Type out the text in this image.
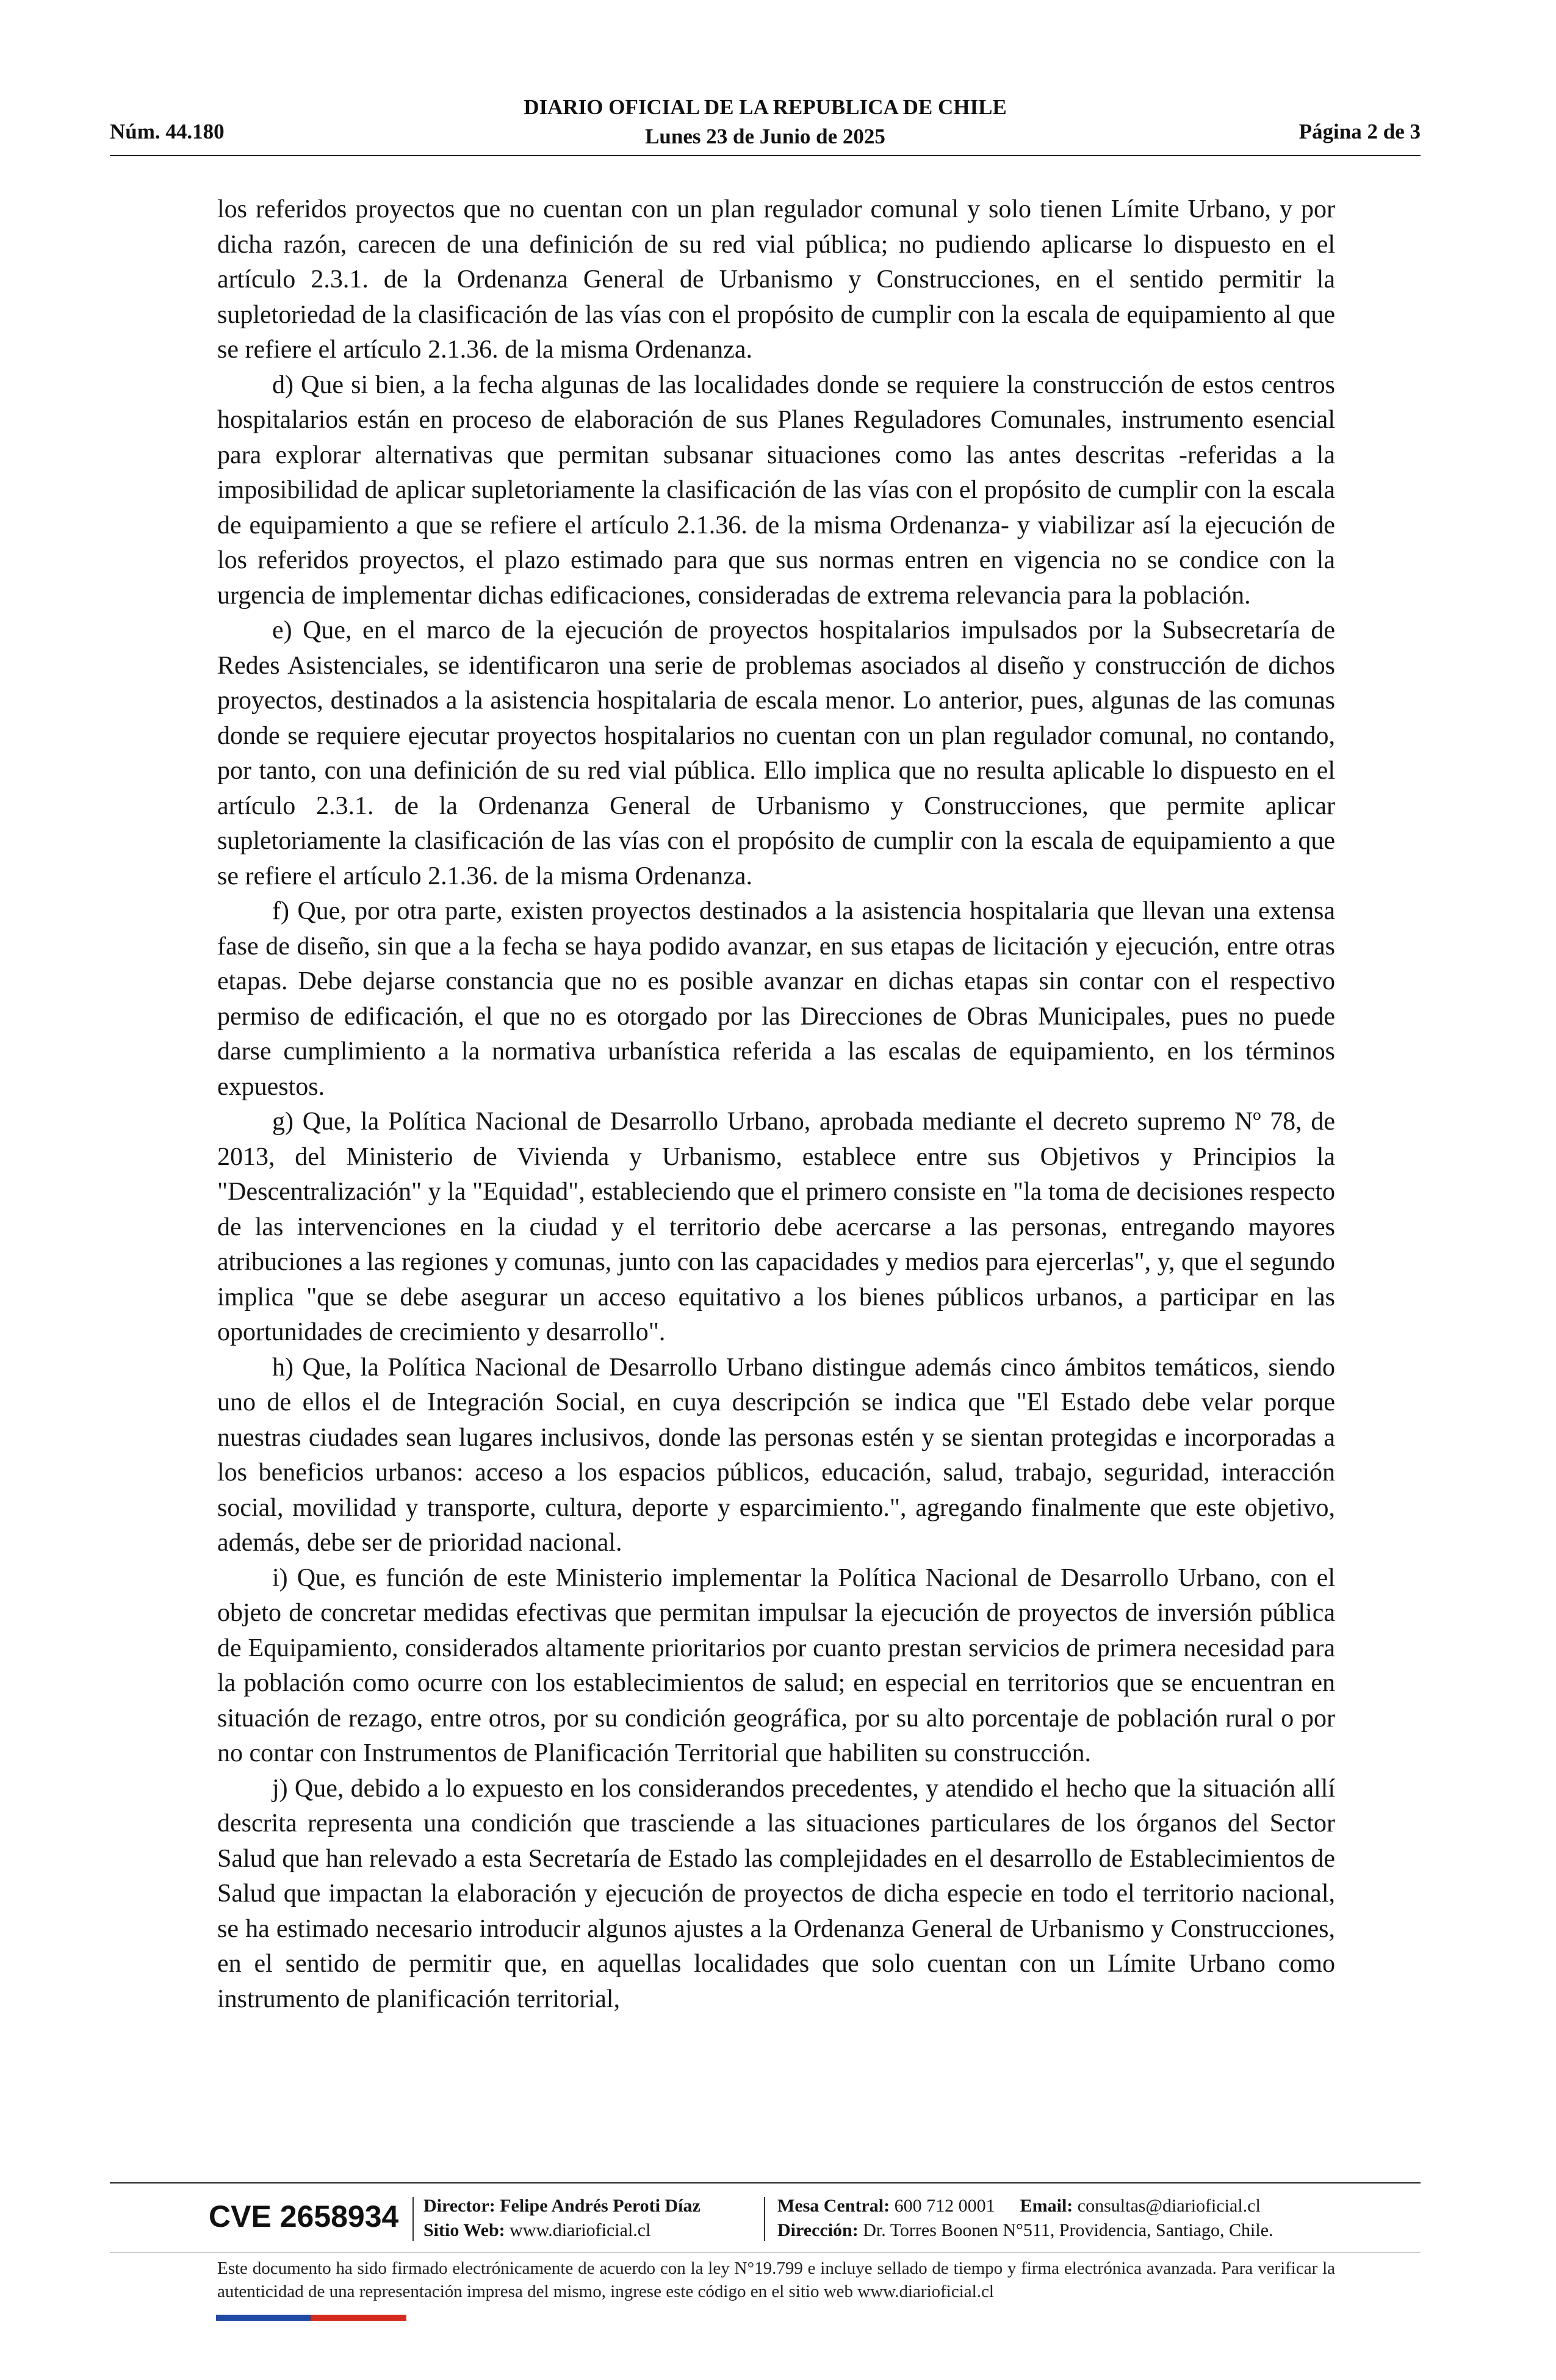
Núm. 44.180
DIARIO OFICIAL DE LA REPUBLICA DE CHILE
Lunes 23 de Junio de 2025	Página 2 de 3

los referidos proyectos que no cuentan con un plan regulador comunal y solo tienen Límite Urbano, y por dicha razón, carecen de una definición de su red vial pública; no pudiendo aplicarse lo dispuesto en el artículo 2.3.1. de la Ordenanza General de Urbanismo y Construcciones, en el sentido permitir la supletoriedad de la clasificación de las vías con el propósito de cumplir con la escala de equipamiento al que se refiere el artículo 2.1.36. de la misma Ordenanza.

d) Que si bien, a la fecha algunas de las localidades donde se requiere la construcción de estos centros hospitalarios están en proceso de elaboración de sus Planes Reguladores Comunales, instrumento esencial para explorar alternativas que permitan subsanar situaciones como las antes descritas -referidas a la imposibilidad de aplicar supletoriamente la clasificación de las vías con el propósito de cumplir con la escala de equipamiento a que se refiere el artículo 2.1.36. de la misma Ordenanza- y viabilizar así la ejecución de los referidos proyectos, el plazo estimado para que sus normas entren en vigencia no se condice con la urgencia de implementar dichas edificaciones, consideradas de extrema relevancia para la población.

e) Que, en el marco de la ejecución de proyectos hospitalarios impulsados por la Subsecretaría de Redes Asistenciales, se identificaron una serie de problemas asociados al diseño y construcción de dichos proyectos, destinados a la asistencia hospitalaria de escala menor. Lo anterior, pues, algunas de las comunas donde se requiere ejecutar proyectos hospitalarios no cuentan con un plan regulador comunal, no contando, por tanto, con una definición de su red vial pública. Ello implica que no resulta aplicable lo dispuesto en el artículo 2.3.1. de la Ordenanza General de Urbanismo y Construcciones, que permite aplicar supletoriamente la clasificación de las vías con el propósito de cumplir con la escala de equipamiento a que se refiere el artículo 2.1.36. de la misma Ordenanza.

f) Que, por otra parte, existen proyectos destinados a la asistencia hospitalaria que llevan una extensa fase de diseño, sin que a la fecha se haya podido avanzar, en sus etapas de licitación y ejecución, entre otras etapas. Debe dejarse constancia que no es posible avanzar en dichas etapas sin contar con el respectivo permiso de edificación, el que no es otorgado por las Direcciones de Obras Municipales, pues no puede darse cumplimiento a la normativa urbanística referida a las escalas de equipamiento, en los términos expuestos.

g) Que, la Política Nacional de Desarrollo Urbano, aprobada mediante el decreto supremo Nº 78, de 2013, del Ministerio de Vivienda y Urbanismo, establece entre sus Objetivos y Principios la "Descentralización" y la "Equidad", estableciendo que el primero consiste en "la toma de decisiones respecto de las intervenciones en la ciudad y el territorio debe acercarse a las personas, entregando mayores atribuciones a las regiones y comunas, junto con las capacidades y medios para ejercerlas", y, que el segundo implica "que se debe asegurar un acceso equitativo a los bienes públicos urbanos, a participar en las oportunidades de crecimiento y desarrollo".

h) Que, la Política Nacional de Desarrollo Urbano distingue además cinco ámbitos temáticos, siendo uno de ellos el de Integración Social, en cuya descripción se indica que "El Estado debe velar porque nuestras ciudades sean lugares inclusivos, donde las personas estén y se sientan protegidas e incorporadas a los beneficios urbanos: acceso a los espacios públicos, educación, salud, trabajo, seguridad, interacción social, movilidad y transporte, cultura, deporte y esparcimiento.", agregando finalmente que este objetivo, además, debe ser de prioridad nacional.

i) Que, es función de este Ministerio implementar la Política Nacional de Desarrollo Urbano, con el objeto de concretar medidas efectivas que permitan impulsar la ejecución de proyectos de inversión pública de Equipamiento, considerados altamente prioritarios por cuanto prestan servicios de primera necesidad para la población como ocurre con los establecimientos de salud; en especial en territorios que se encuentran en situación de rezago, entre otros, por su condición geográfica, por su alto porcentaje de población rural o por no contar con Instrumentos de Planificación Territorial que habiliten su construcción.

j) Que, debido a lo expuesto en los considerandos precedentes, y atendido el hecho que la situación allí descrita representa una condición que trasciende a las situaciones particulares de los órganos del Sector Salud que han relevado a esta Secretaría de Estado las complejidades en el desarrollo de Establecimientos de Salud que impactan la elaboración y ejecución de proyectos de dicha especie en todo el territorio nacional, se ha estimado necesario introducir algunos ajustes a la Ordenanza General de Urbanismo y Construcciones, en el sentido de permitir que, en aquellas localidades que solo cuentan con un Límite Urbano como instrumento de planificación territorial,

CVE 2658934 Director: Felipe Andrés Peroti Díaz
Sitio Web: www.diarioficial.cl
Mesa Central: 600 712 0001 Email: consultas@diarioficial.cl
Dirección: Dr. Torres Boonen N°511, Providencia, Santiago, Chile.
Este documento ha sido firmado electrónicamente de acuerdo con la ley N°19.799 e incluye sellado de tiempo y firma electrónica avanzada. Para verificar la autenticidad de una representación impresa del mismo, ingrese este código en el sitio web www.diarioficial.cl
